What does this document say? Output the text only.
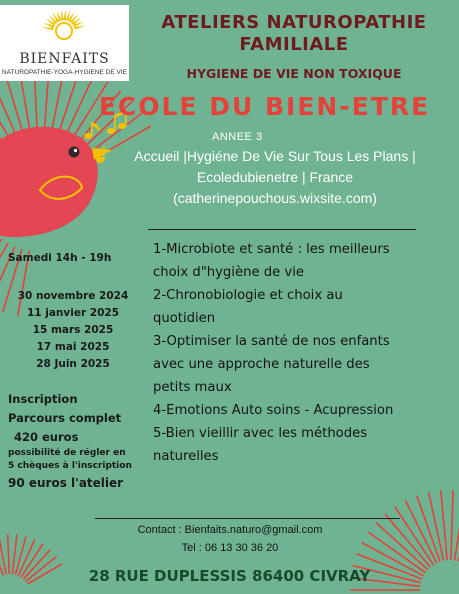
BIENFAITS
NATUROPATHIE-YOGA-HYGIENE DE VIE
ATELIERS NATUROPATHIE
FAMILIALE
HYGIENE DE VIE NON TOXIQUE
ECOLE DU BIEN-ETRE
ANNEE 3
Accueil |Hygiéne De Vie Sur Tous Les Plans |
Ecoledubienetre | France
(catherinepouchous.wixsite.com)
Samedi 14h - 19h
30 novembre 2024
11 janvier 2025
15 mars 2025
17 mai 2025
28 Juin 2025
Inscription
Parcours complet
420 euros
possibilité de régler en
5 chèques à l'inscription
90 euros l'atelier
1-Microbiote et santé : les meilleurs
choix d"hygiène de vie
2-Chronobiologie et choix au
quotidien
3-Optimiser la santé de nos enfants
avec une approche naturelle des
petits maux
4-Emotions Auto soins - Acupression
5-Bien vieillir avec les méthodes
naturelles
Contact : Bienfaits.naturo@gmail.com
Tel : 06 13 30 36 20
28 RUE DUPLESSIS 86400 CIVRAY
